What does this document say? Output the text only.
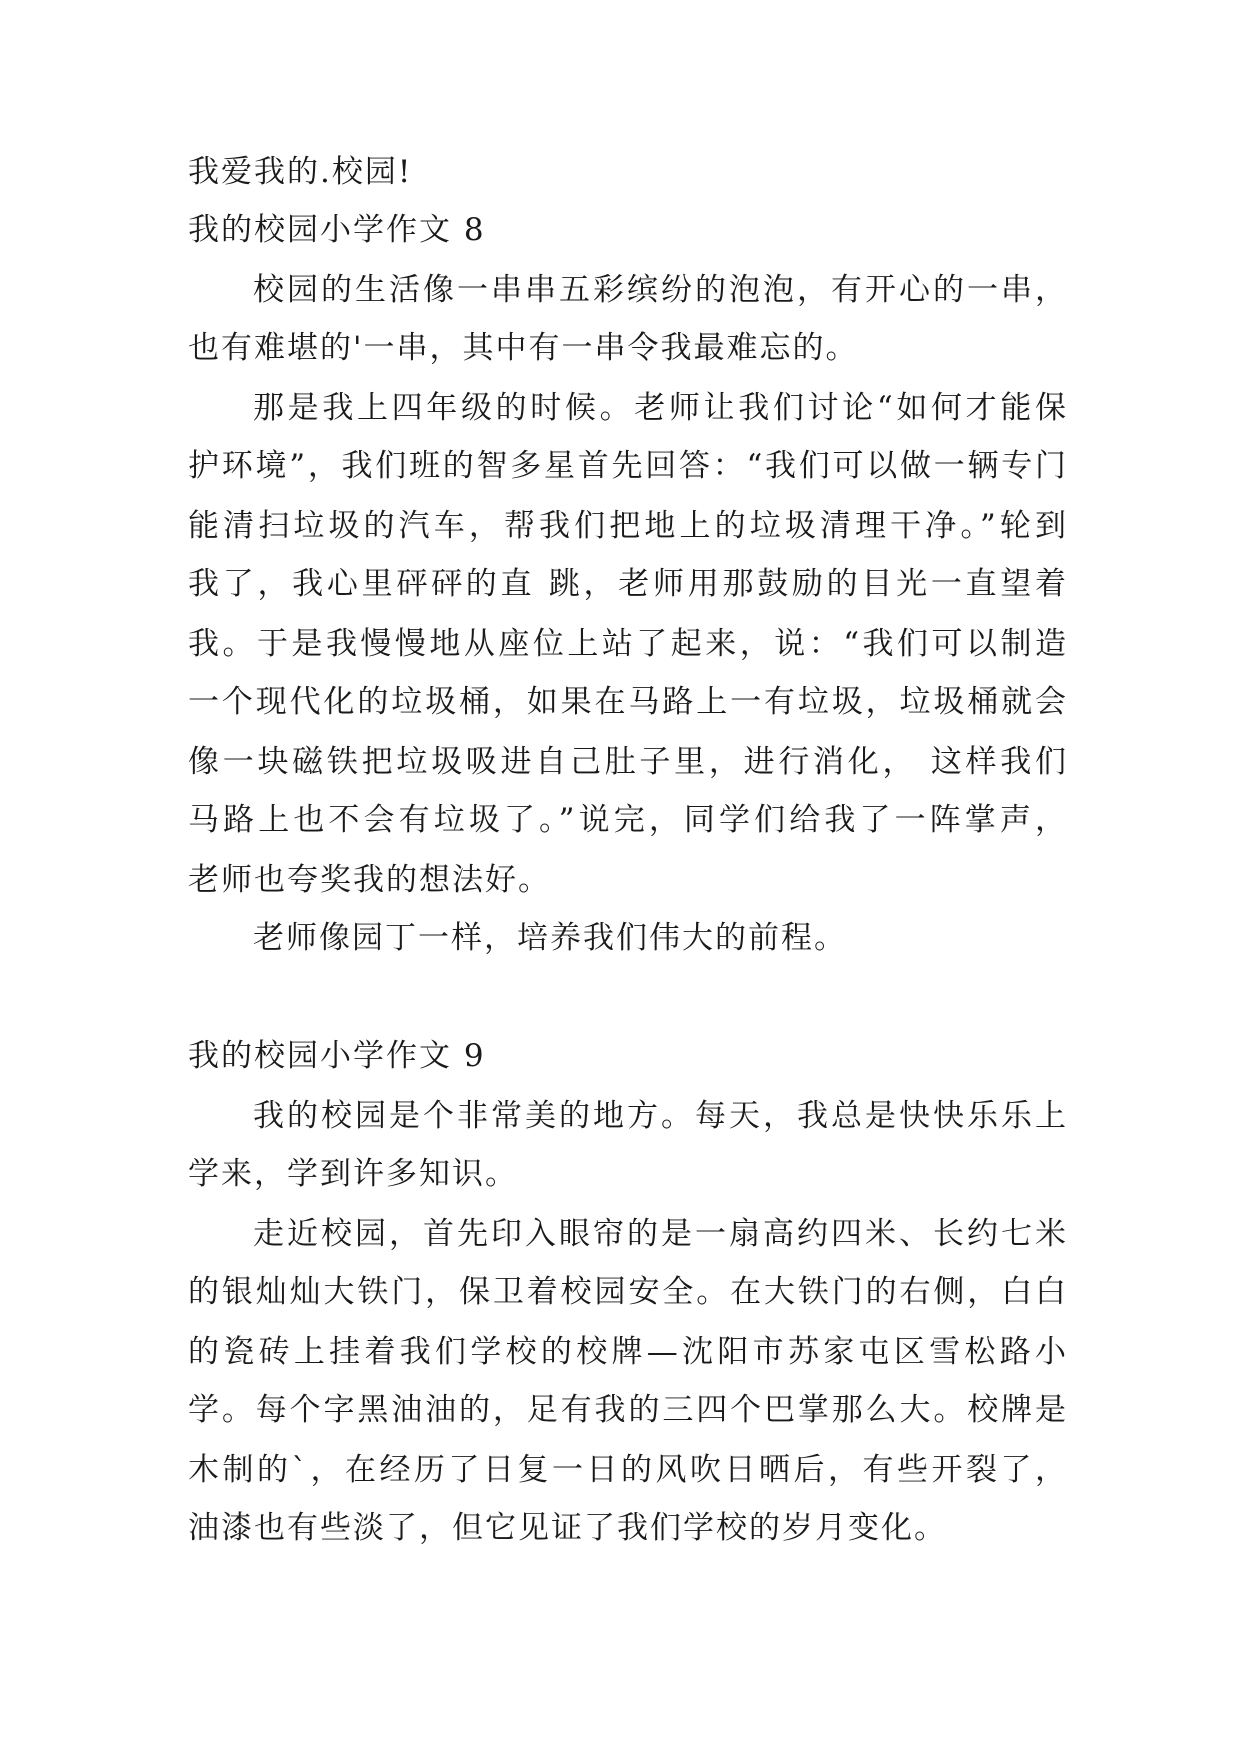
我爱我的.校园!
我的校园小学作文 8
校园的生活像一串串五彩缤纷的泡泡，有开心的一串，
也有难堪的'一串，其中有一串令我最难忘的。
那是我上四年级的时候。老师让我们讨论“如何才能保
护环境”，我们班的智多星首先回答：“我们可以做一辆专门
能清扫垃圾的汽车，帮我们把地上的垃圾清理干净。”轮到
我了，我心里砰砰的直 跳，老师用那鼓励的目光一直望着
我。于是我慢慢地从座位上站了起来，说：“我们可以制造
一个现代化的垃圾桶，如果在马路上一有垃圾，垃圾桶就会
像一块磁铁把垃圾吸进自己肚子里，进行消化， 这样我们
马路上也不会有垃圾了。”说完，同学们给我了一阵掌声，
老师也夸奖我的想法好。
老师像园丁一样，培养我们伟大的前程。
我的校园小学作文 9
我的校园是个非常美的地方。每天，我总是快快乐乐上
学来，学到许多知识。
走近校园，首先印入眼帘的是一扇高约四米、长约七米
的银灿灿大铁门，保卫着校园安全。在大铁门的右侧，白白
的瓷砖上挂着我们学校的校牌—沈阳市苏家屯区雪松路小
学。每个字黑油油的，足有我的三四个巴掌那么大。校牌是
木制的`，在经历了日复一日的风吹日晒后，有些开裂了，
油漆也有些淡了，但它见证了我们学校的岁月变化。
